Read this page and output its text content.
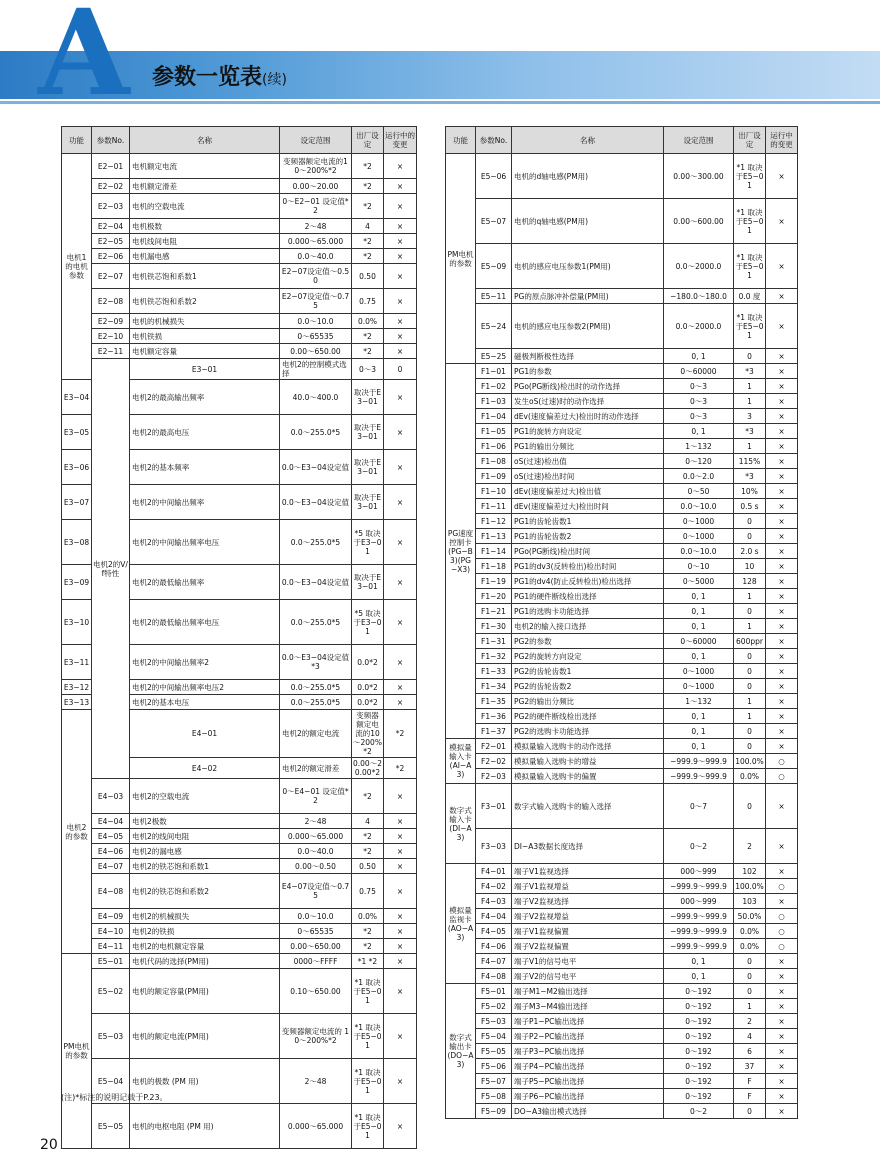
A 参数一览表(续)
功能	参数No.	名称	设定范围	出厂设定	运行中的变更	
电机1的电机参数	E2−01	电机额定电流	变频器额定电流的10～200%*2	*2	×	
	E2−02	电机额定滑差	0.00～20.00	*2	×	
	E2−03	电机的空载电流	0～E2−01 设定值*2	*2	×	
	E2−04	电机极数	2～48	4	×	
	E2−05	电机线间电阻	0.000～65.000	*2	×	
	E2−06	电机漏电感	0.0～40.0	*2	×	
	E2−07	电机铁芯饱和系数1	E2−07设定值～0.50	0.50	×	
	E2−08	电机铁芯饱和系数2	E2−07设定值～0.75	0.75	×	
	E2−09	电机的机械损失	0.0～10.0	0.0%	×	
	E2−10	电机铁损	0～65535	*2	×	
	E2−11	电机额定容量	0.00～650.00	*2	×	
	电机2的V/f特性	E3−01	电机2的控制模式选择	0～3	0	
E3−04		电机2的最高输出频率	40.0～400.0	取决于E3−01	×	
E3−05		电机2的最高电压	0.0～255.0*5	取决于E3−01	×	
E3−06		电机2的基本频率	0.0～E3−04设定值	取决于E3−01	×	
E3−07		电机2的中间输出频率	0.0～E3−04设定值	取决于E3−01	×	
E3−08		电机2的中间输出频率电压	0.0～255.0*5	*5 取决于E3−01	×	
E3−09		电机2的最低输出频率	0.0～E3−04设定值	取决于E3−01	×	
E3−10		电机2的最低输出频率电压	0.0～255.0*5	*5 取决于E3−01	×	
E3−11		电机2的中间输出频率2	0.0～E3−04设定值*3	0.0*2	×	
E3−12		电机2的中间输出频率电压2	0.0～255.0*5	0.0*2	×	
E3−13		电机2的基本电压	0.0～255.0*5	0.0*2	×	
电机2的参数		E4−01	电机2的额定电流	变频器额定电流的10～200%*2	*2	
		E4−02	电机2的额定滑差	0.00～20.00*2	*2	
	E4−03	电机2的空载电流	0～E4−01 设定值*2	*2	×	
	E4−04	电机2极数	2～48	4	×	
	E4−05	电机2的线间电阻	0.000～65.000	*2	×	
	E4−06	电机2的漏电感	0.0～40.0	*2	×	
	E4−07	电机2的铁芯饱和系数1	0.00～0.50	0.50	×	
	E4−08	电机2的铁芯饱和系数2	E4−07设定值～0.75	0.75	×	
	E4−09	电机2的机械损失	0.0～10.0	0.0%	×	
	E4−10	电机2的铁损	0～65535	*2	×	
	E4−11	电机2的电机额定容量	0.00～650.00	*2	×	
PM电机的参数	E5−01	电机代码的选择(PM用)	0000～FFFF	*1 *2	×	
	E5−02	电机的额定容量(PM用)	0.10～650.00	*1 取决于E5−01	×	
	E5−03	电机的额定电流(PM用)	变频器额定电流的 10～200%*2	*1 取决于E5−01	×	
	E5−04	电机的极数 (PM 用)	2～48	*1 取决于E5−01	×	
	E5−05	电机的电枢电阻 (PM 用)	0.000～65.000	*1 取决于E5−01	×	
功能	参数No.	名称	设定范围	出厂设定	运行中的变更
PM电机的参数	E5−06	电机的d轴电感(PM用)	0.00～300.00	*1 取决于E5−01	×
	E5−07	电机的q轴电感(PM用)	0.00～600.00	*1 取决于E5−01	×
	E5−09	电机的感应电压参数1(PM用)	0.0～2000.0	*1 取决于E5−01	×
	E5−11	PG的原点脉冲补偿量(PM用)	−180.0～180.0	0.0 度	×
	E5−24	电机的感应电压参数2(PM用)	0.0～2000.0	*1 取决于E5−01	×
	E5−25	磁极判断极性选择	0, 1	0	×
PG速度控制卡 (PG−B3)(PG−X3)	F1−01	PG1的参数	0～60000	*3	×
	F1−02	PGo(PG断线)检出时的动作选择	0～3	1	×
	F1−03	发生oS(过速)时的动作选择	0～3	1	×
	F1−04	dEv(速度偏差过大)检出时的动作选择	0～3	3	×
	F1−05	PG1的旋转方向设定	0, 1	*3	×
	F1−06	PG1的输出分频比	1～132	1	×
	F1−08	oS(过速)检出值	0～120	115%	×
	F1−09	oS(过速)检出时间	0.0～2.0	*3	×
	F1−10	dEv(速度偏差过大)检出值	0～50	10%	×
	F1−11	dEv(速度偏差过大)检出时间	0.0～10.0	0.5 s	×
	F1−12	PG1的齿轮齿数1	0～1000	0	×
	F1−13	PG1的齿轮齿数2	0～1000	0	×
	F1−14	PGo(PG断线)检出时间	0.0～10.0	2.0 s	×
	F1−18	PG1的dv3(反转检出)检出时间	0～10	10	×
	F1−19	PG1的dv4(防止反转检出)检出选择	0～5000	128	×
	F1−20	PG1的硬件断线检出选择	0, 1	1	×
	F1−21	PG1的选购卡功能选择	0, 1	0	×
	F1−30	电机2的输入接口选择	0, 1	1	×
	F1−31	PG2的参数	0～60000	600ppr	×
	F1−32	PG2的旋转方向设定	0, 1	0	×
	F1−33	PG2的齿轮齿数1	0～1000	0	×
	F1−34	PG2的齿轮齿数2	0～1000	0	×
	F1−35	PG2的输出分频比	1～132	1	×
	F1−36	PG2的硬件断线检出选择	0, 1	1	×
	F1−37	PG2的选购卡功能选择	0, 1	0	×
模拟量输入卡 (AI−A3)	F2−01	模拟量输入选购卡的动作选择	0, 1	0	×
	F2−02	模拟量输入选购卡的增益	−999.9～999.9	100.0%	○
	F2−03	模拟量输入选购卡的偏置	−999.9～999.9	0.0%	○
数字式输入卡 (DI−A3)	F3−01	数字式输入选购卡的输入选择	0～7	0	×
	F3−03	DI−A3数据长度选择	0～2	2	×
模拟量监视卡 (AO−A3)	F4−01	端子V1监视选择	000～999	102	×
	F4−02	端子V1监视增益	−999.9～999.9	100.0%	○
	F4−03	端子V2监视选择	000～999	103	×
	F4−04	端子V2监视增益	−999.9～999.9	50.0%	○
	F4−05	端子V1监视偏置	−999.9～999.9	0.0%	○
	F4−06	端子V2监视偏置	−999.9～999.9	0.0%	○
	F4−07	端子V1的信号电平	0, 1	0	×
	F4−08	端子V2的信号电平	0, 1	0	×
数字式输出卡 (DO−A3)	F5−01	端子M1−M2输出选择	0～192	0	×
	F5−02	端子M3−M4输出选择	0～192	1	×
	F5−03	端子P1−PC输出选择	0～192	2	×
	F5−04	端子P2−PC输出选择	0～192	4	×
	F5−05	端子P3−PC输出选择	0～192	6	×
	F5−06	端子P4−PC输出选择	0～192	37	×
	F5−07	端子P5−PC输出选择	0～192	F	×
	F5−08	端子P6−PC输出选择	0～192	F	×
	F5−09	DO−A3输出模式选择	0～2	0	×
(注)*标注的说明记载于P.23。
20
